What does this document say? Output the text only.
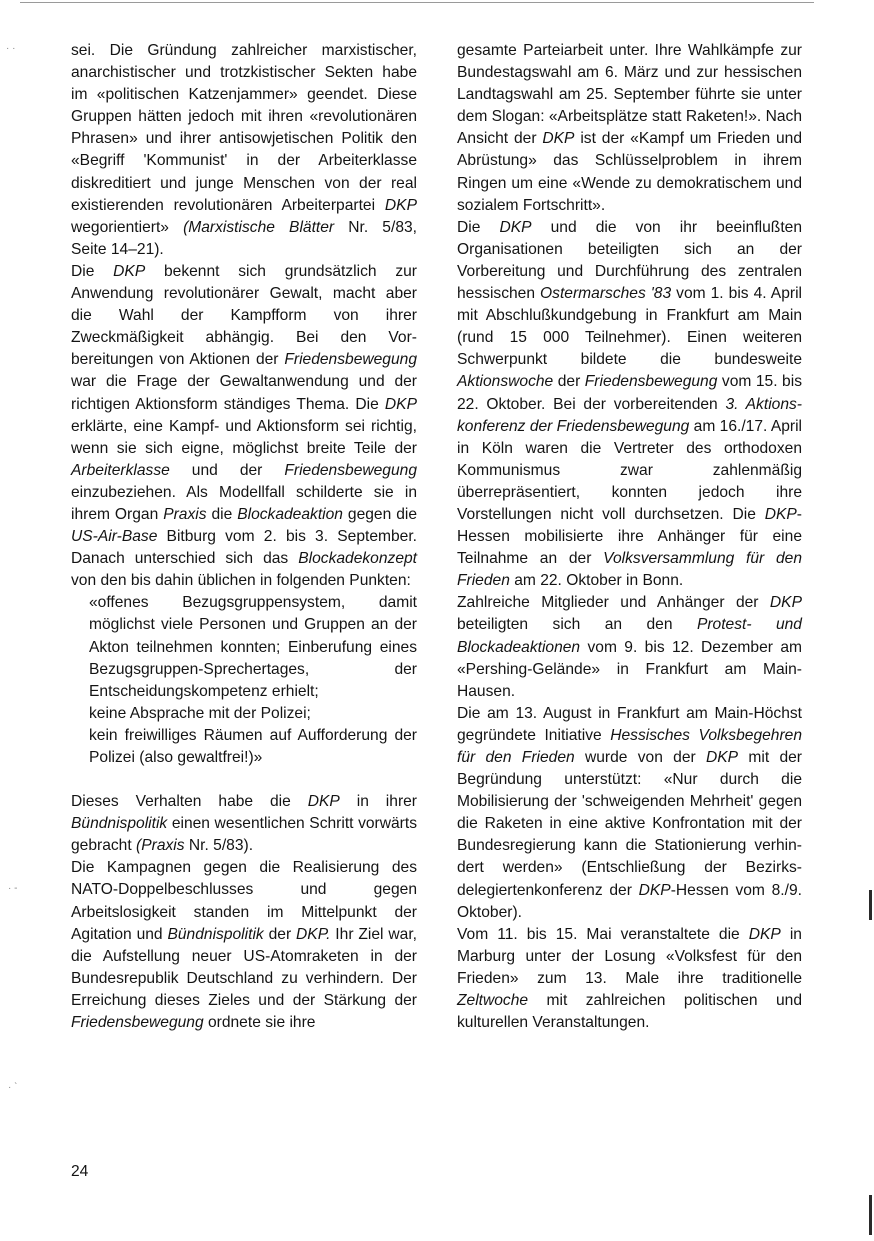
· ·
· -
· ˋ

sei. Die Gründung zahlreicher marxistischer, anarchistischer und trotzkistischer Sekten habe im «politischen Katzenjammer» geendet. Diese Gruppen hätten jedoch mit ihren «revolutionären Phrasen» und ihrer antisowjetischen Politik den «Begriff 'Kommunist' in der Arbeiterklasse diskreditiert und junge Menschen von der real existierenden revolutionären Arbeiterpartei DKP wegorientiert» (Marxistische Blätter Nr. 5/83, Seite 14–21).

Die DKP bekennt sich grundsätzlich zur Anwendung revolutionärer Gewalt, macht aber die Wahl der Kampfform von ihrer Zweckmäßigkeit abhängig. Bei den Vorbereitungen von Aktionen der Friedensbewegung war die Frage der Gewaltanwendung und der richtigen Aktionsform ständiges Thema. Die DKP erklärte, eine Kampf- und Aktionsform sei richtig, wenn sie sich eigne, möglichst breite Teile der Arbeiterklasse und der Friedensbewegung einzubeziehen. Als Modellfall schilderte sie in ihrem Organ Praxis die Blockadeaktion gegen die US-Air-Base Bitburg vom 2. bis 3. September. Danach unterschied sich das Blockadekonzept von den bis dahin üblichen in folgenden Punkten:

«offenes Bezugsgruppensystem, damit möglichst viele Personen und Gruppen an der Akton teilnehmen konnten; Einberufung eines Bezugsgruppen-Sprechertages, der Entscheidungskompetenz erhielt;

keine Absprache mit der Polizei;

kein freiwilliges Räumen auf Aufforderung der Polizei (also gewaltfrei!)»

Dieses Verhalten habe die DKP in ihrer Bündnispolitik einen wesentlichen Schritt vorwärts gebracht (Praxis Nr. 5/83).

Die Kampagnen gegen die Realisierung des NATO-Doppelbeschlusses und gegen Arbeitslosigkeit standen im Mittelpunkt der Agitation und Bündnispolitik der DKP. Ihr Ziel war, die Aufstellung neuer US-Atomraketen in der Bundesrepublik Deutschland zu verhindern. Der Erreichung dieses Zieles und der Stärkung der Friedensbewegung ordnete sie ihre

gesamte Parteiarbeit unter. Ihre Wahlkämpfe zur Bundestagswahl am 6. März und zur hessischen Landtagswahl am 25. September führte sie unter dem Slogan: «Arbeitsplätze statt Raketen!». Nach Ansicht der DKP ist der «Kampf um Frieden und Abrüstung» das Schlüsselproblem in ihrem Ringen um eine «Wende zu demokratischem und sozialem Fortschritt».

Die DKP und die von ihr beeinflußten Organisationen beteiligten sich an der Vorbereitung und Durchführung des zentralen hessischen Ostermarsches '83 vom 1. bis 4. April mit Abschlußkundgebung in Frankfurt am Main (rund 15 000 Teilnehmer). Einen weiteren Schwerpunkt bildete die bundesweite Aktionswoche der Friedensbewegung vom 15. bis 22. Oktober. Bei der vorbereitenden 3. Aktionskonferenz der Friedensbewegung am 16./17. April in Köln waren die Vertreter des orthodoxen Kommunismus zwar zahlenmäßig überrepräsentiert, konnten jedoch ihre Vorstellungen nicht voll durchsetzen. Die DKP-Hessen mobilisierte ihre Anhänger für eine Teilnahme an der Volksversammlung für den Frieden am 22. Oktober in Bonn.

Zahlreiche Mitglieder und Anhänger der DKP beteiligten sich an den Protest- und Blockadeaktionen vom 9. bis 12. Dezember am «Pershing-Gelände» in Frankfurt am Main-Hausen.

Die am 13. August in Frankfurt am Main-Höchst gegründete Initiative Hessisches Volksbegehren für den Frieden wurde von der DKP mit der Begründung unterstützt: «Nur durch die Mobilisierung der 'schweigenden Mehrheit' gegen die Raketen in eine aktive Konfrontation mit der Bundesregierung kann die Stationierung verhindert werden» (Entschließung der Bezirksdelegiertenkonferenz der DKP-Hessen vom 8./9. Oktober).

Vom 11. bis 15. Mai veranstaltete die DKP in Marburg unter der Losung «Volksfest für den Frieden» zum 13. Male ihre traditionelle Zeltwoche mit zahlreichen politischen und kulturellen Veranstaltungen.

24
